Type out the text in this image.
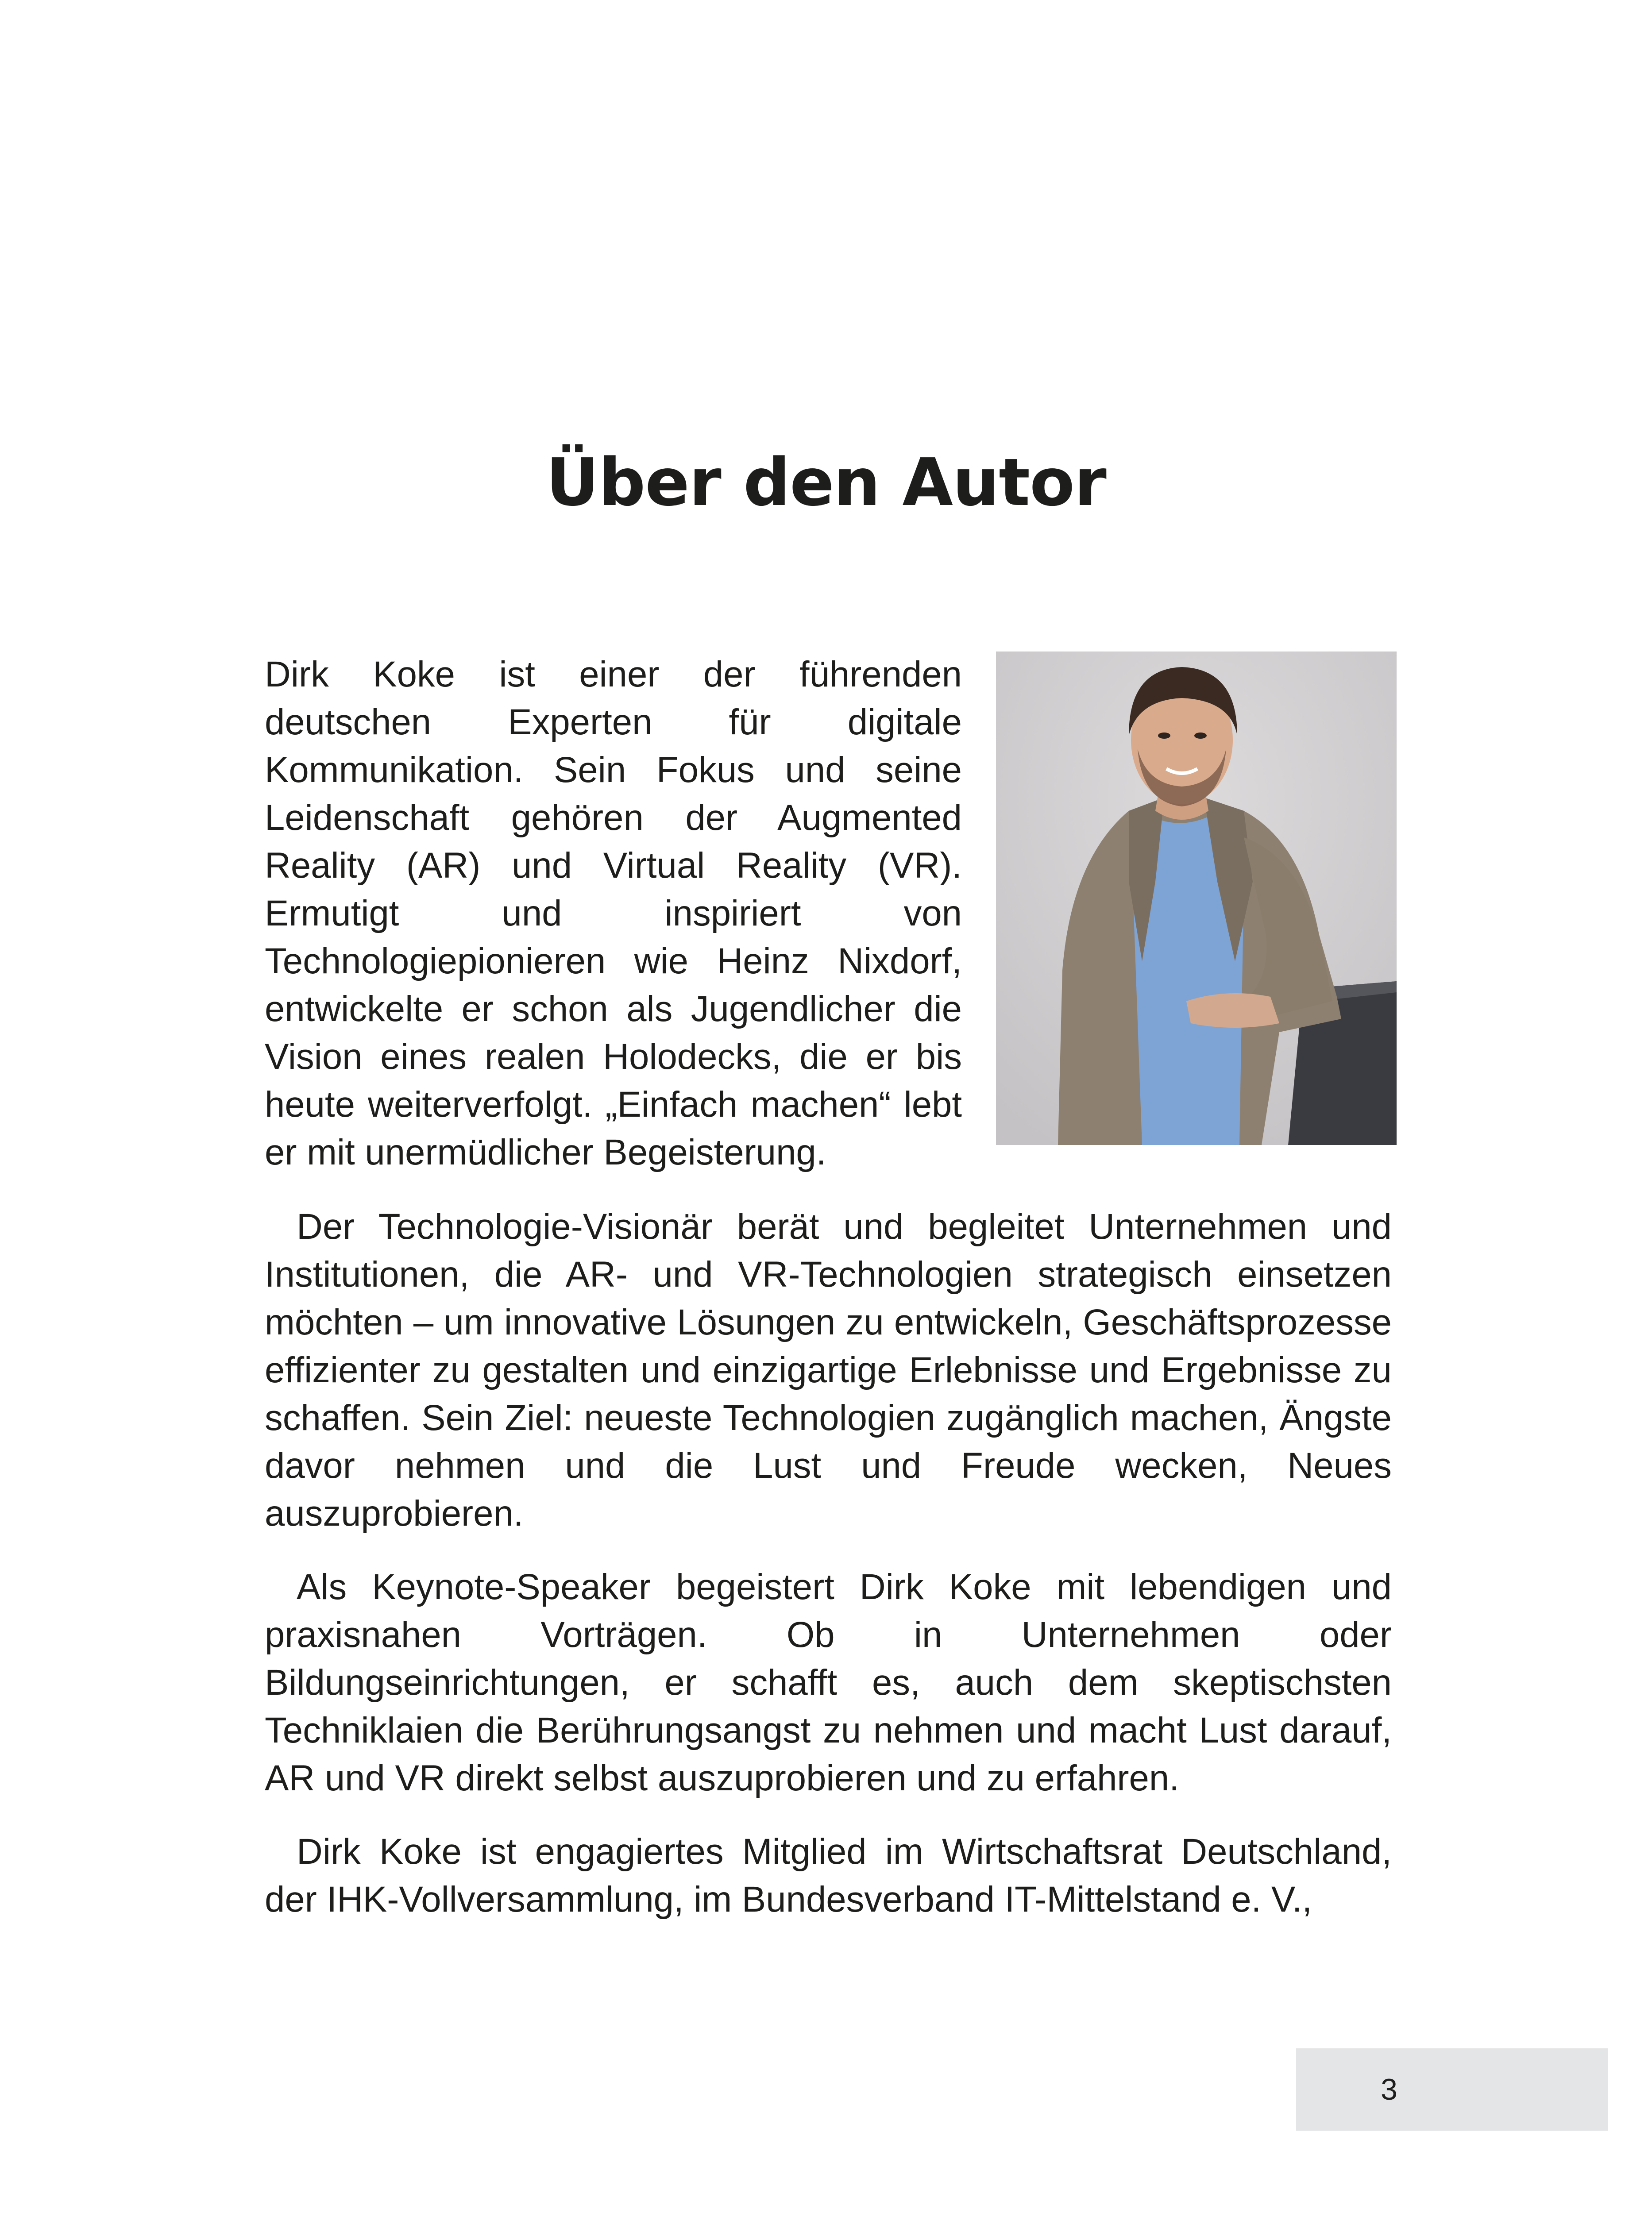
Über den Autor

Dirk Koke ist einer der führenden deutschen Experten für digitale Kommunikation. Sein Fokus und seine Leidenschaft gehören der Augmented Reality (AR) und Virtual Reality (VR). Ermutigt und inspiriert von Technologiepionieren wie Heinz Nixdorf, entwickelte er schon als Jugendlicher die Vision eines realen Holodecks, die er bis heute weiterverfolgt. „Einfach machen“ lebt er mit unermüdlicher Begeisterung.

Der Technologie-Visionär berät und begleitet Unternehmen und Institutionen, die AR- und VR-Technologien strategisch einsetzen möchten – um innovative Lösungen zu entwickeln, Geschäftsprozesse effizienter zu gestalten und einzigartige Erlebnisse und Ergebnisse zu schaffen. Sein Ziel: neueste Technologien zugänglich machen, Ängste davor nehmen und die Lust und Freude wecken, Neues auszuprobieren.

Als Keynote-Speaker begeistert Dirk Koke mit lebendigen und praxisnahen Vorträgen. Ob in Unternehmen oder Bildungseinrichtungen, er schafft es, auch dem skeptischsten Techniklaien die Berührungsangst zu nehmen und macht Lust darauf, AR und VR direkt selbst auszuprobieren und zu erfahren.

Dirk Koke ist engagiertes Mitglied im Wirtschaftsrat Deutschland, der IHK-Vollversammlung, im Bundesverband IT-Mittelstand e. V.,

3
